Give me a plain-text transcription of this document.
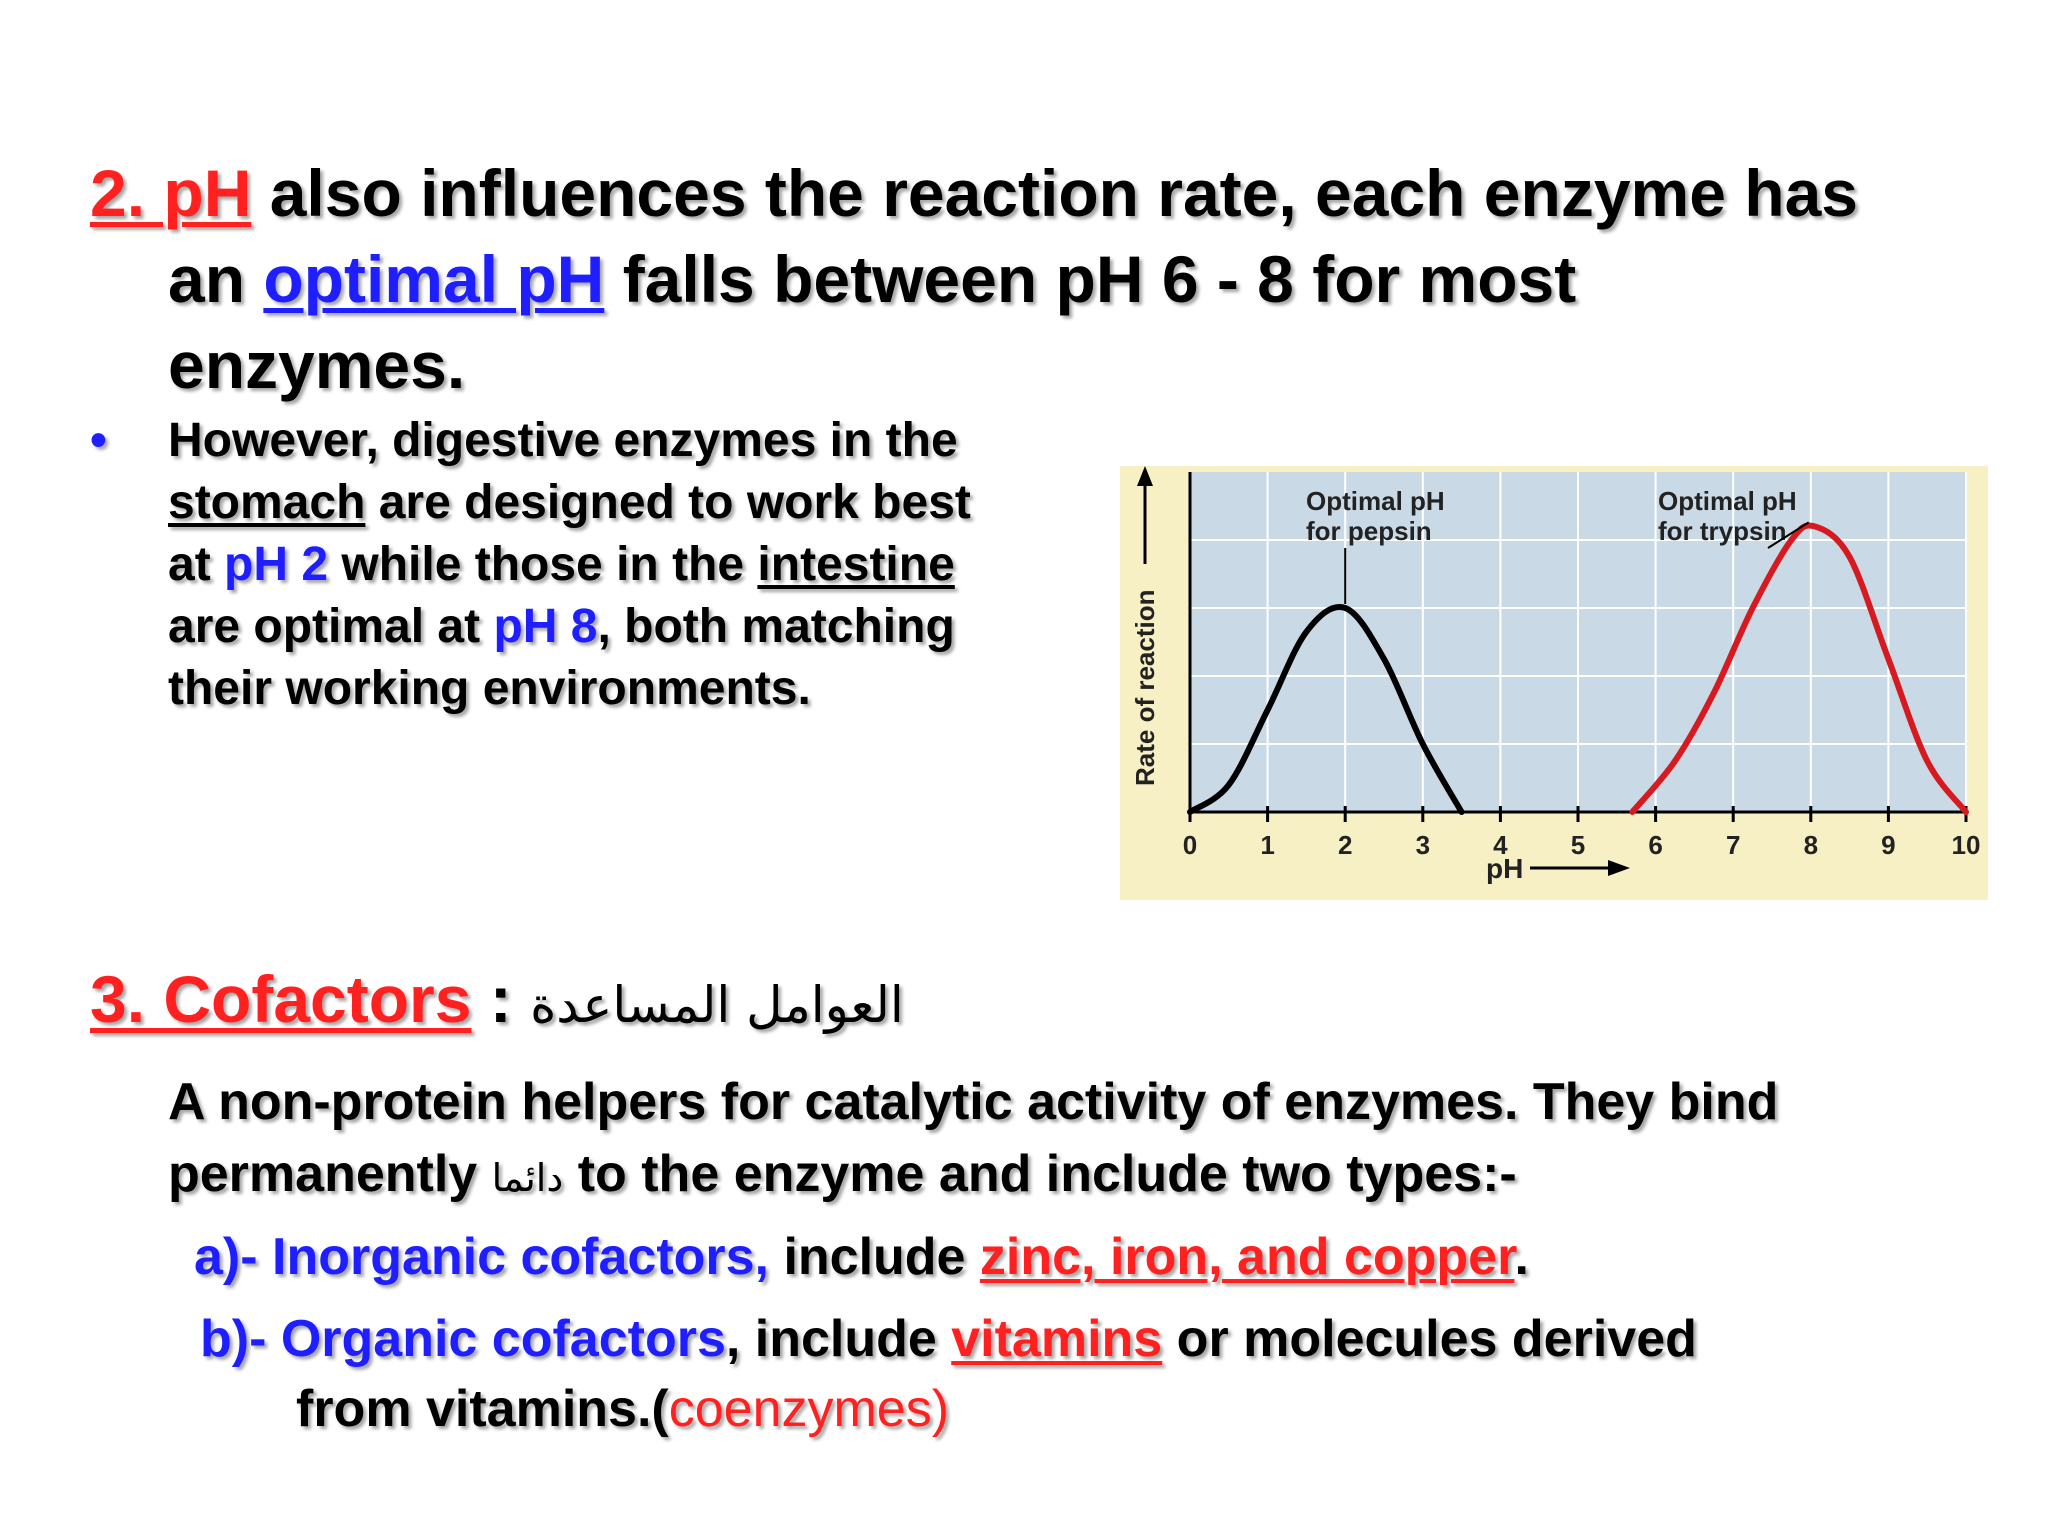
2. pH also influences the reaction rate, each enzyme has
an optimal pH falls between pH 6 - 8 for most
enzymes.
• However, digestive enzymes in the
stomach are designed to work best
at pH 2 while those in the intestine
are optimal at pH 8, both matching
their working environments.
0 1 2 3 4 5 6 7 8 9 10
Optimal pH
for pepsin
Optimal pH
for trypsin
Rate of reaction
pH
3. Cofactors : العوامل المساعدة
A non-protein helpers for catalytic activity of enzymes. They bind
permanently دائما to the enzyme and include two types:-
a)- Inorganic cofactors, include zinc, iron, and copper.
b)- Organic cofactors, include vitamins or molecules derived
from vitamins.(coenzymes)
